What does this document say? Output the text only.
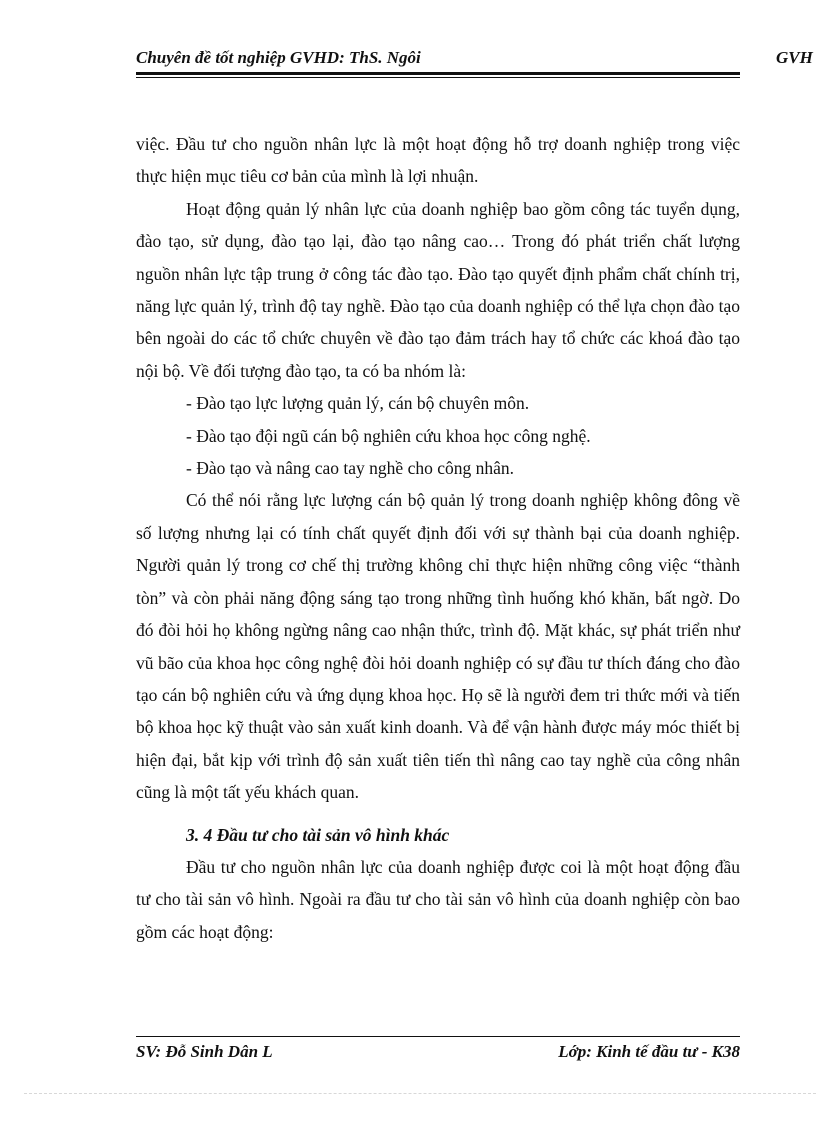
Chuyên đề tốt nghiệp GVHD: ThS. Ngôi	GVH

việc. Đầu tư cho nguồn nhân lực là một hoạt động hỗ trợ doanh nghiệp trong việc thực hiện mục tiêu cơ bản của mình là lợi nhuận.

Hoạt động quản lý nhân lực của doanh nghiệp bao gồm công tác tuyển dụng, đào tạo, sử dụng, đào tạo lại, đào tạo nâng cao… Trong đó phát triển chất lượng nguồn nhân lực tập trung ở công tác đào tạo. Đào tạo quyết định phẩm chất chính trị, năng lực quản lý, trình độ tay nghề. Đào tạo của doanh nghiệp có thể lựa chọn đào tạo bên ngoài do các tổ chức chuyên về đào tạo đảm trách hay tổ chức các khoá đào tạo nội bộ. Về đối tượng đào tạo, ta có ba nhóm là:

- Đào tạo lực lượng quản lý, cán bộ chuyên môn.

- Đào tạo đội ngũ cán bộ nghiên cứu khoa học công nghệ.

- Đào tạo và nâng cao tay nghề cho công nhân.

Có thể nói rằng lực lượng cán bộ quản lý trong doanh nghiệp không đông về số lượng nhưng lại có tính chất quyết định đối với sự thành bại của doanh nghiệp. Người quản lý trong cơ chế thị trường không chỉ thực hiện những công việc “thành tòn” và còn phải năng động sáng tạo trong những tình huống khó khăn, bất ngờ. Do đó đòi hỏi họ không ngừng nâng cao nhận thức, trình độ. Mặt khác, sự phát triển như vũ bão của khoa học công nghệ đòi hỏi doanh nghiệp có sự đầu tư thích đáng cho đào tạo cán bộ nghiên cứu và ứng dụng khoa học. Họ sẽ là người đem tri thức mới và tiến bộ khoa học kỹ thuật vào sản xuất kinh doanh. Và để vận hành được máy móc thiết bị hiện đại, bắt kịp với trình độ sản xuất tiên tiến thì nâng cao tay nghề của công nhân cũng là một tất yếu khách quan.

3. 4 Đầu tư cho tài sản vô hình khác

Đầu tư cho nguồn nhân lực của doanh nghiệp được coi là một hoạt động đầu tư cho tài sản vô hình. Ngoài ra đầu tư cho tài sản vô hình của doanh nghiệp còn bao gồm các hoạt động:

SV: Đỗ Sinh Dân L	Lớp: Kinh tế đầu tư - K38
